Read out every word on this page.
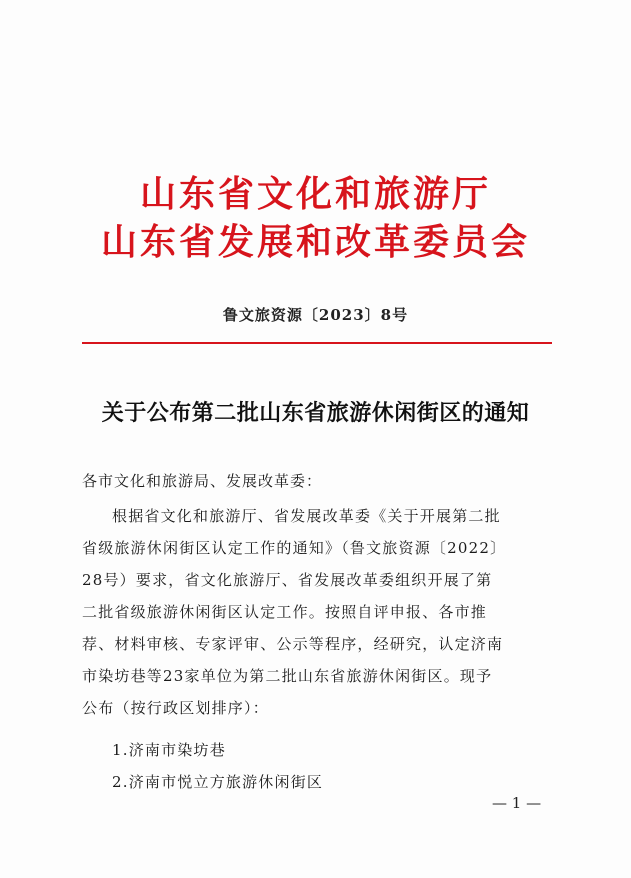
山东省文化和旅游厅
山东省发展和改革委员会
鲁文旅资源〔2023〕8号
关于公布第二批山东省旅游休闲街区的通知
各市文化和旅游局、发展改革委：
根据省文化和旅游厅、省发展改革委《关于开展第二批
省级旅游休闲街区认定工作的通知》（鲁文旅资源〔2022〕
28号）要求，省文化旅游厅、省发展改革委组织开展了第
二批省级旅游休闲街区认定工作。按照自评申报、各市推
荐、材料审核、专家评审、公示等程序，经研究，认定济南
市染坊巷等23家单位为第二批山东省旅游休闲街区。现予
公布（按行政区划排序）：
1.济南市染坊巷
2.济南市悦立方旅游休闲街区
— 1 —
